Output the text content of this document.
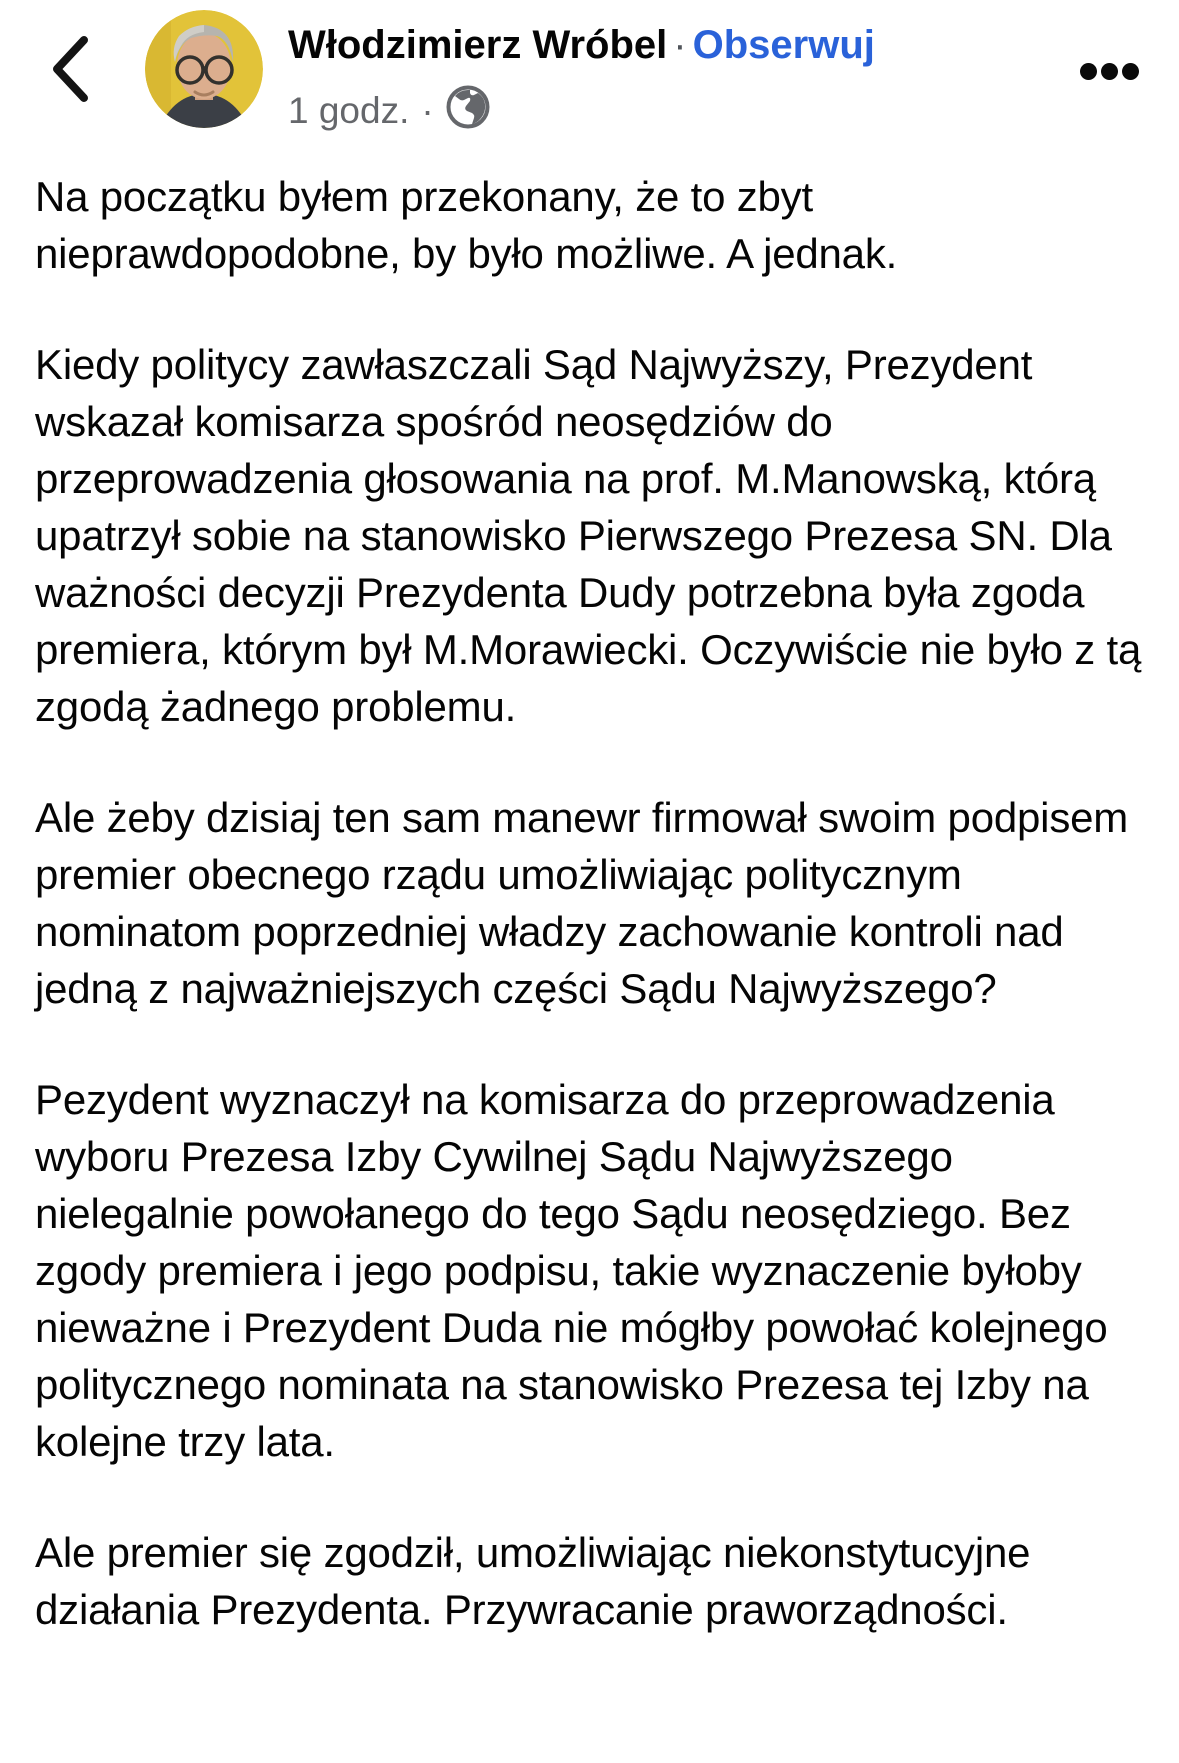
Włodzimierz Wróbel · Obserwuj
1 godz. ·

Na początku byłem przekonany, że to zbyt nieprawdopodobne, by było możliwe. A jednak.

Kiedy politycy zawłaszczali Sąd Najwyższy, Prezydent wskazał komisarza spośród neosędziów do przeprowadzenia głosowania na prof. M.Manowską, którą upatrzył sobie na stanowisko Pierwszego Prezesa SN. Dla ważności decyzji Prezydenta Dudy potrzebna była zgoda premiera, którym był M.Morawiecki. Oczywiście nie było z tą zgodą żadnego problemu.

Ale żeby dzisiaj ten sam manewr firmował swoim podpisem premier obecnego rządu umożliwiając politycznym nominatom poprzedniej władzy zachowanie kontroli nad jedną z najważniejszych części Sądu Najwyższego?

Pezydent wyznaczył na komisarza do przeprowadzenia wyboru Prezesa Izby Cywilnej Sądu Najwyższego nielegalnie powołanego do tego Sądu neosędziego. Bez zgody premiera i jego podpisu, takie wyznaczenie byłoby nieważne i Prezydent Duda nie mógłby powołać kolejnego politycznego nominata na stanowisko Prezesa tej Izby na kolejne trzy lata.

Ale premier się zgodził, umożliwiając niekonstytucyjne działania Prezydenta. Przywracanie praworządności.
